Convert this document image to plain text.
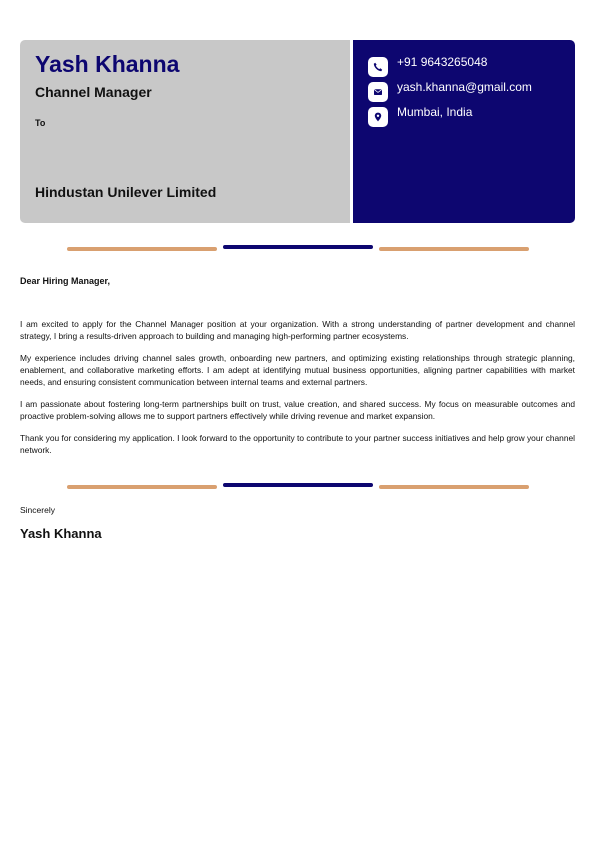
Yash Khanna
Channel Manager
To
Hindustan Unilever Limited
+91 9643265048
yash.khanna@gmail.com
Mumbai, India
Dear Hiring Manager,

I am excited to apply for the Channel Manager position at your organization. With a strong understanding of partner development and channel strategy, I bring a results-driven approach to building and managing high-performing partner ecosystems.

My experience includes driving channel sales growth, onboarding new partners, and optimizing existing relationships through strategic planning, enablement, and collaborative marketing efforts. I am adept at identifying mutual business opportunities, aligning partner capabilities with market needs, and ensuring consistent communication between internal teams and external partners.

I am passionate about fostering long-term partnerships built on trust, value creation, and shared success. My focus on measurable outcomes and proactive problem-solving allows me to support partners effectively while driving revenue and market expansion.

Thank you for considering my application. I look forward to the opportunity to contribute to your partner success initiatives and help grow your channel network.

Sincerely
Yash Khanna
